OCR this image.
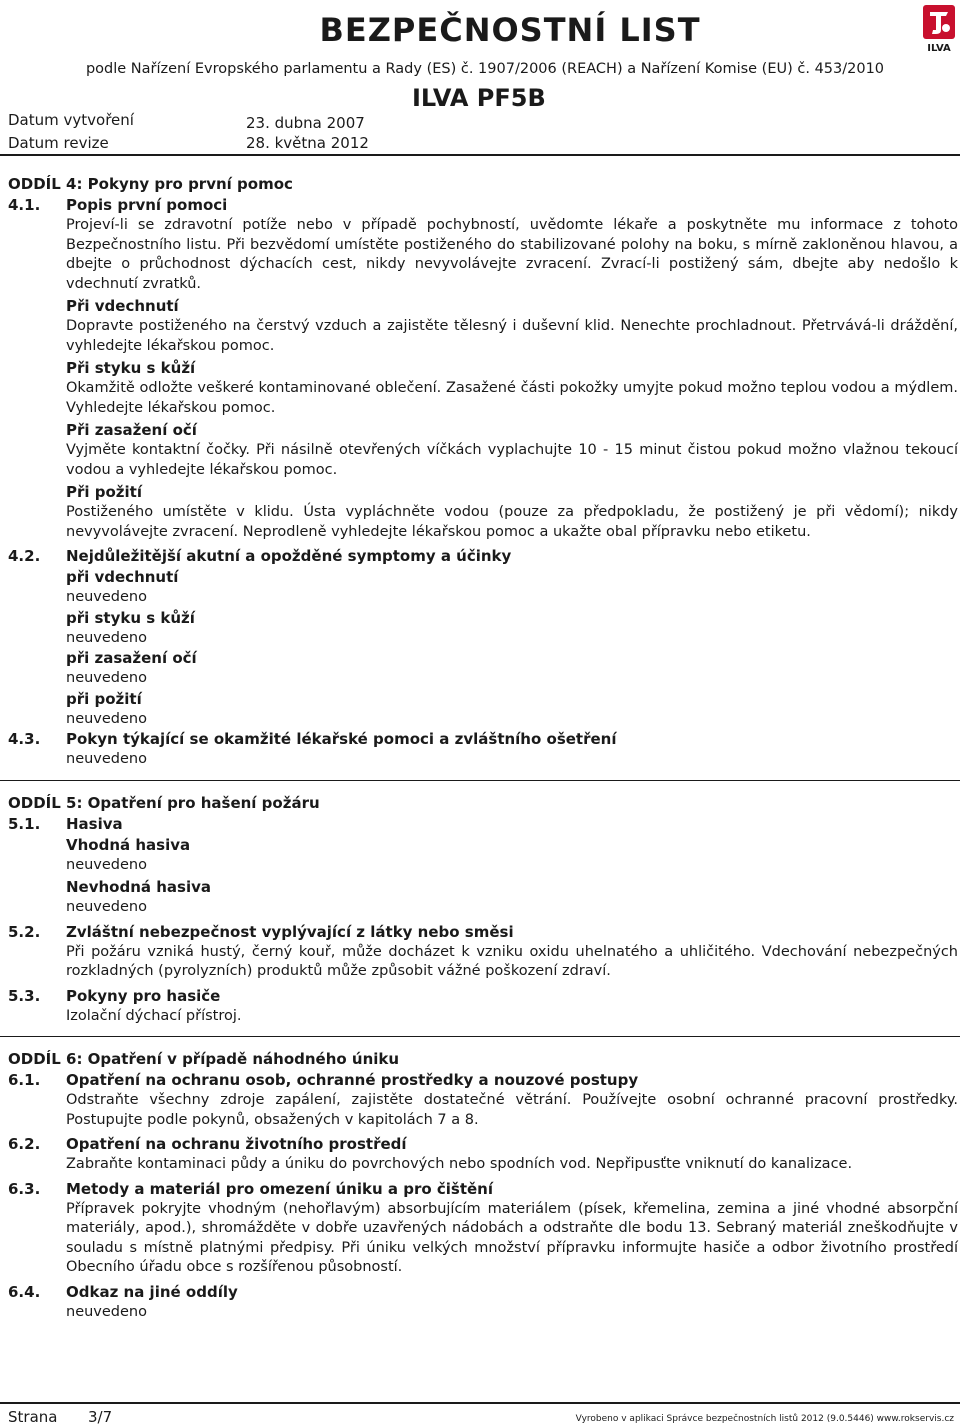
BEZPEČNOSTNÍ LIST
podle Nařízení Evropského parlamentu a Rady (ES) č. 1907/2006 (REACH) a Nařízení Komise (EU) č. 453/2010
ILVA PF5B
Datum vytvoření	23. dubna 2007
Datum revize	28. května 2012
ILVA
ODDÍL 4: Pokyny pro první pomoc
4.1.	Popis první pomoci
Projeví-li se zdravotní potíže nebo v případě pochybností, uvědomte lékaře a poskytněte mu informace z tohoto Bezpečnostního listu. Při bezvědomí umístěte postiženého do stabilizované polohy na boku, s mírně zakloněnou hlavou, a dbejte o průchodnost dýchacích cest, nikdy nevyvolávejte zvracení. Zvrací-li postižený sám, dbejte aby nedošlo k vdechnutí zvratků.
Při vdechnutí
Dopravte postiženého na čerstvý vzduch a zajistěte tělesný i duševní klid. Nenechte prochladnout. Přetrvává-li dráždění, vyhledejte lékařskou pomoc.
Při styku s kůží
Okamžitě odložte veškeré kontaminované oblečení. Zasažené části pokožky umyjte pokud možno teplou vodou a mýdlem. Vyhledejte lékařskou pomoc.
Při zasažení očí
Vyjměte kontaktní čočky. Při násilně otevřených víčkách vyplachujte 10 - 15 minut čistou pokud možno vlažnou tekoucí vodou a vyhledejte lékařskou pomoc.
Při požití
Postiženého umístěte v klidu. Ústa vypláchněte vodou (pouze za předpokladu, že postižený je při vědomí); nikdy nevyvolávejte zvracení. Neprodleně vyhledejte lékařskou pomoc a ukažte obal přípravku nebo etiketu.
4.2.	Nejdůležitější akutní a opožděné symptomy a účinky
při vdechnutí
neuvedeno
při styku s kůží
neuvedeno
při zasažení očí
neuvedeno
při požití
neuvedeno
4.3.	Pokyn týkající se okamžité lékařské pomoci a zvláštního ošetření
neuvedeno
ODDÍL 5: Opatření pro hašení požáru
5.1.	Hasiva
Vhodná hasiva
neuvedeno
Nevhodná hasiva
neuvedeno
5.2.	Zvláštní nebezpečnost vyplývající z látky nebo směsi
Při požáru vzniká hustý, černý kouř, může docházet k vzniku oxidu uhelnatého a uhličitého. Vdechování nebezpečných rozkladných (pyrolyzních) produktů může způsobit vážné poškození zdraví.
5.3.	Pokyny pro hasiče
Izolační dýchací přístroj.
ODDÍL 6: Opatření v případě náhodného úniku
6.1.	Opatření na ochranu osob, ochranné prostředky a nouzové postupy
Odstraňte všechny zdroje zapálení, zajistěte dostatečné větrání. Používejte osobní ochranné pracovní prostředky. Postupujte podle pokynů, obsažených v kapitolách 7 a 8.
6.2.	Opatření na ochranu životního prostředí
Zabraňte kontaminaci půdy a úniku do povrchových nebo spodních vod. Nepřipusťte vniknutí do kanalizace.
6.3.	Metody a materiál pro omezení úniku a pro čištění
Přípravek pokryjte vhodným (nehořlavým) absorbujícím materiálem (písek, křemelina, zemina a jiné vhodné absorpční materiály, apod.), shromážděte v dobře uzavřených nádobách a odstraňte dle bodu 13. Sebraný materiál zneškodňujte v souladu s místně platnými předpisy. Při úniku velkých množství přípravku informujte hasiče a odbor životního prostředí Obecního úřadu obce s rozšířenou působností.
6.4.	Odkaz na jiné oddíly
neuvedeno
Strana 3/7	Vyrobeno v aplikaci Správce bezpečnostních listů 2012 (9.0.5446) www.rokservis.cz
